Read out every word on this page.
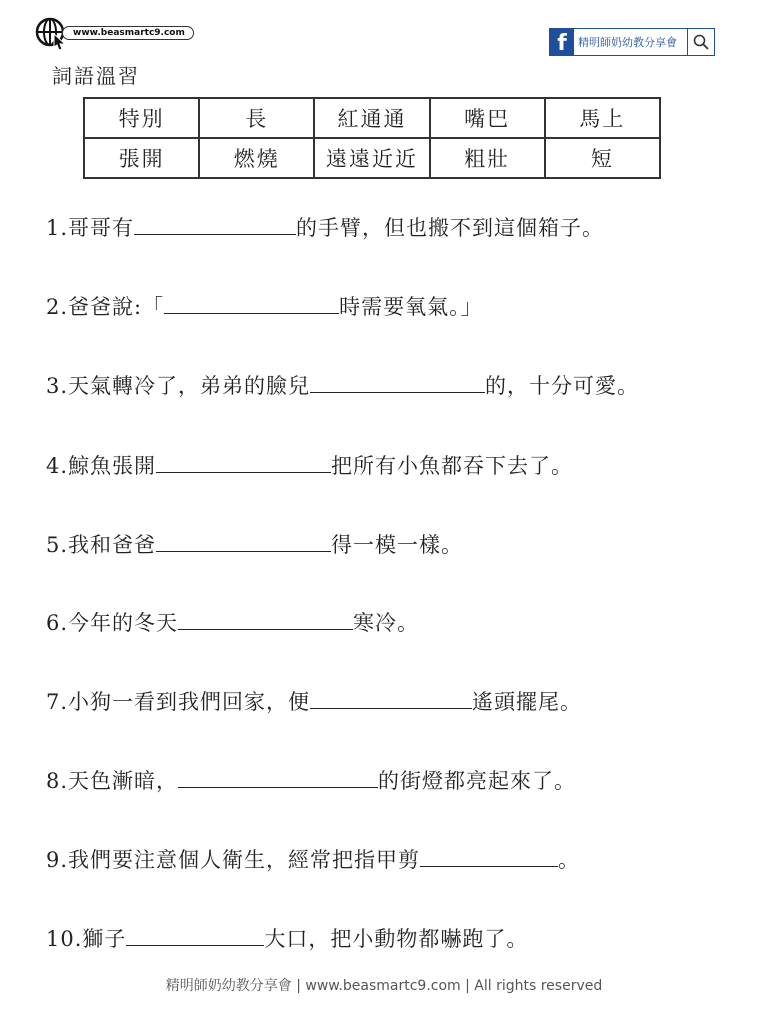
www.beasmartc9.com	f	精明師奶幼教分享會
詞語溫習
特別	長	紅通通	嘴巴	馬上
張開	燃燒	遠遠近近	粗壯	短
1.哥哥有	的手臂，但也搬不到這個箱子。
2.爸爸說:「	時需要氧氣。」
3.天氣轉冷了，弟弟的臉兒	的，十分可愛。
4.鯨魚張開	把所有小魚都吞下去了。
5.我和爸爸	得一模一樣。
6.今年的冬天	寒冷。
7.小狗一看到我們回家，便	遙頭擺尾。
8.天色漸暗，	的街燈都亮起來了。
9.我們要注意個人衛生，經常把指甲剪	。
10.獅子	大口，把小動物都嚇跑了。
精明師奶幼教分享會 | www.beasmartc9.com | All rights reserved
